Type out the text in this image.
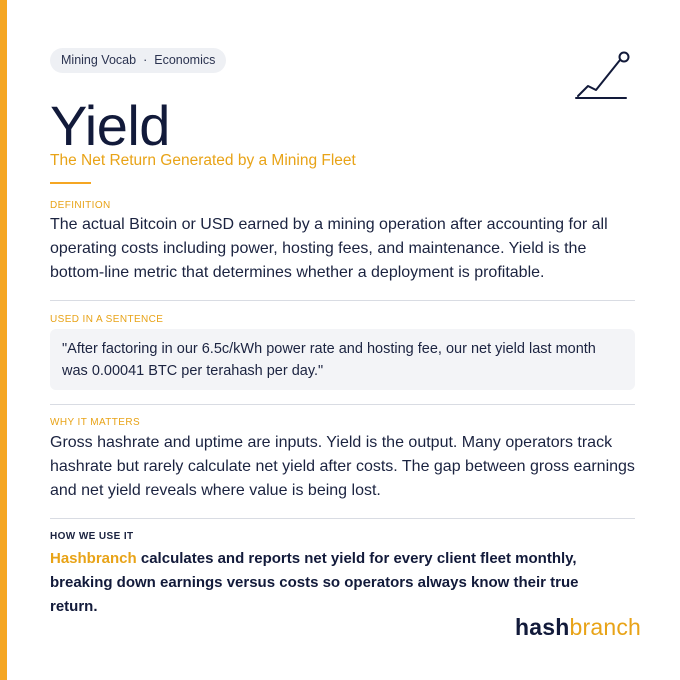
Mining Vocab · Economics
Yield
The Net Return Generated by a Mining Fleet
DEFINITION
The actual Bitcoin or USD earned by a mining operation after accounting for all operating costs including power, hosting fees, and maintenance. Yield is the bottom-line metric that determines whether a deployment is profitable.
USED IN A SENTENCE
"After factoring in our 6.5c/kWh power rate and hosting fee, our net yield last month was 0.00041 BTC per terahash per day."
WHY IT MATTERS
Gross hashrate and uptime are inputs. Yield is the output. Many operators track hashrate but rarely calculate net yield after costs. The gap between gross earnings and net yield reveals where value is being lost.
HOW WE USE IT
Hashbranch calculates and reports net yield for every client fleet monthly, breaking down earnings versus costs so operators always know their true return.
hashbranch
